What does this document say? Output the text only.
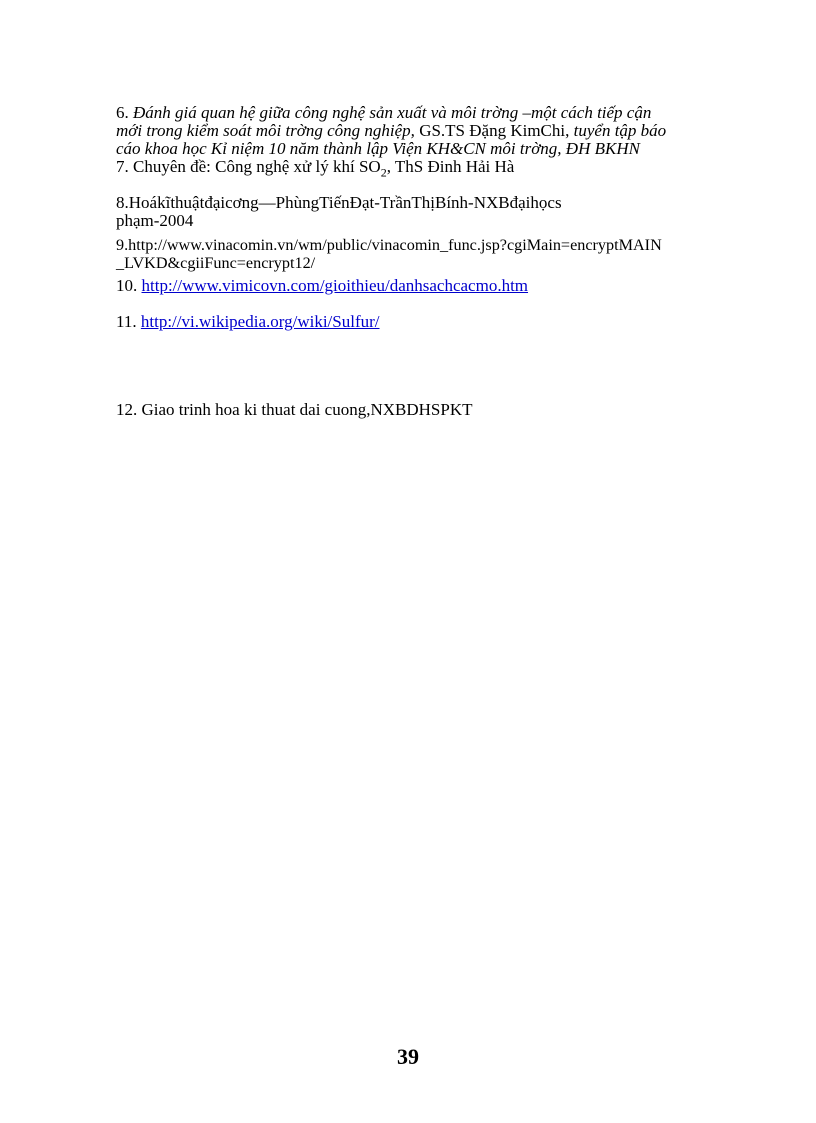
6. Đánh giá quan hệ giữa công nghệ sản xuất và môi trờng –một cách tiếp cận
mới trong kiểm soát môi trờng công nghiệp, GS.TS Đặng KimChi, tuyển tập báo
cáo khoa học Kỉ niệm 10 năm thành lập Viện KH&CN môi trờng, ĐH BKHN
7. Chuyên đề: Công nghệ xử lý khí $SO_2$, ThS Đinh Hải Hà
8.Hoákĩthuậtđạicơng—PhùngTiếnĐạt-TrầnThịBính-NXBđạihọcs
phạm-2004
9.http://www.vinacomin.vn/wm/public/vinacomin_func.jsp?cgiMain=encryptMAIN
_LVKD&cgiiFunc=encrypt12/
10. http://www.vimicovn.com/gioithieu/danhsachcacmo.htm
11. http://vi.wikipedia.org/wiki/Sulfur/
12. Giao trinh hoa ki thuat dai cuong,NXBDHSPKT
39
